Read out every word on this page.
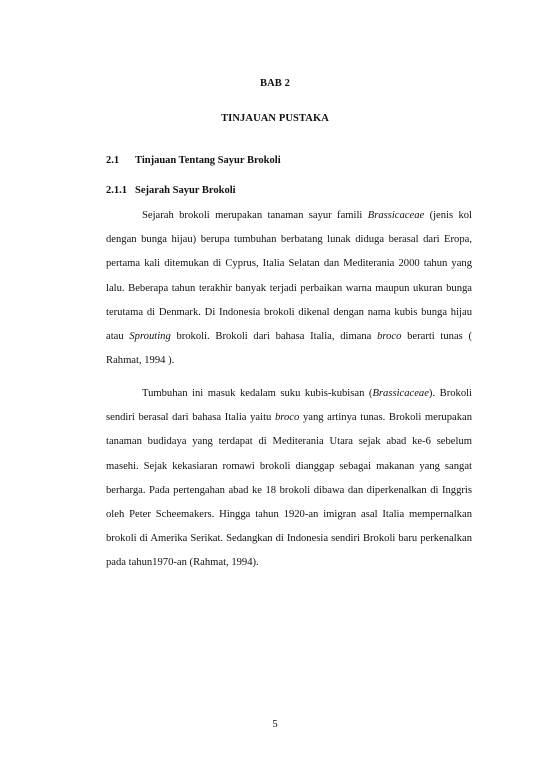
BAB 2
TINJAUAN PUSTAKA
2.1 Tinjauan Tentang Sayur Brokoli
2.1.1 Sejarah Sayur Brokoli

Sejarah brokoli merupakan tanaman sayur famili Brassicaceae (jenis kol dengan bunga hijau) berupa tumbuhan berbatang lunak diduga berasal dari Eropa, pertama kali ditemukan di Cyprus, Italia Selatan dan Mediterania 2000 tahun yang lalu. Beberapa tahun terakhir banyak terjadi perbaikan warna maupun ukuran bunga terutama di Denmark. Di Indonesia brokoli dikenal dengan nama kubis bunga hijau atau Sprouting brokoli. Brokoli dari bahasa Italia, dimana broco berarti tunas ( Rahmat, 1994 ).

Tumbuhan ini masuk kedalam suku kubis-kubisan (Brassicaceae). Brokoli sendiri berasal dari bahasa Italia yaitu broco yang artinya tunas. Brokoli merupakan tanaman budidaya yang terdapat di Mediterania Utara sejak abad ke-6 sebelum masehi. Sejak kekasiaran romawi brokoli dianggap sebagai makanan yang sangat berharga. Pada pertengahan abad ke 18 brokoli dibawa dan diperkenalkan di Inggris oleh Peter Scheemakers. Hingga tahun 1920-an imigran asal Italia mempernalkan brokoli di Amerika Serikat. Sedangkan di Indonesia sendiri Brokoli baru perkenalkan pada tahun1970-an (Rahmat, 1994).

5
